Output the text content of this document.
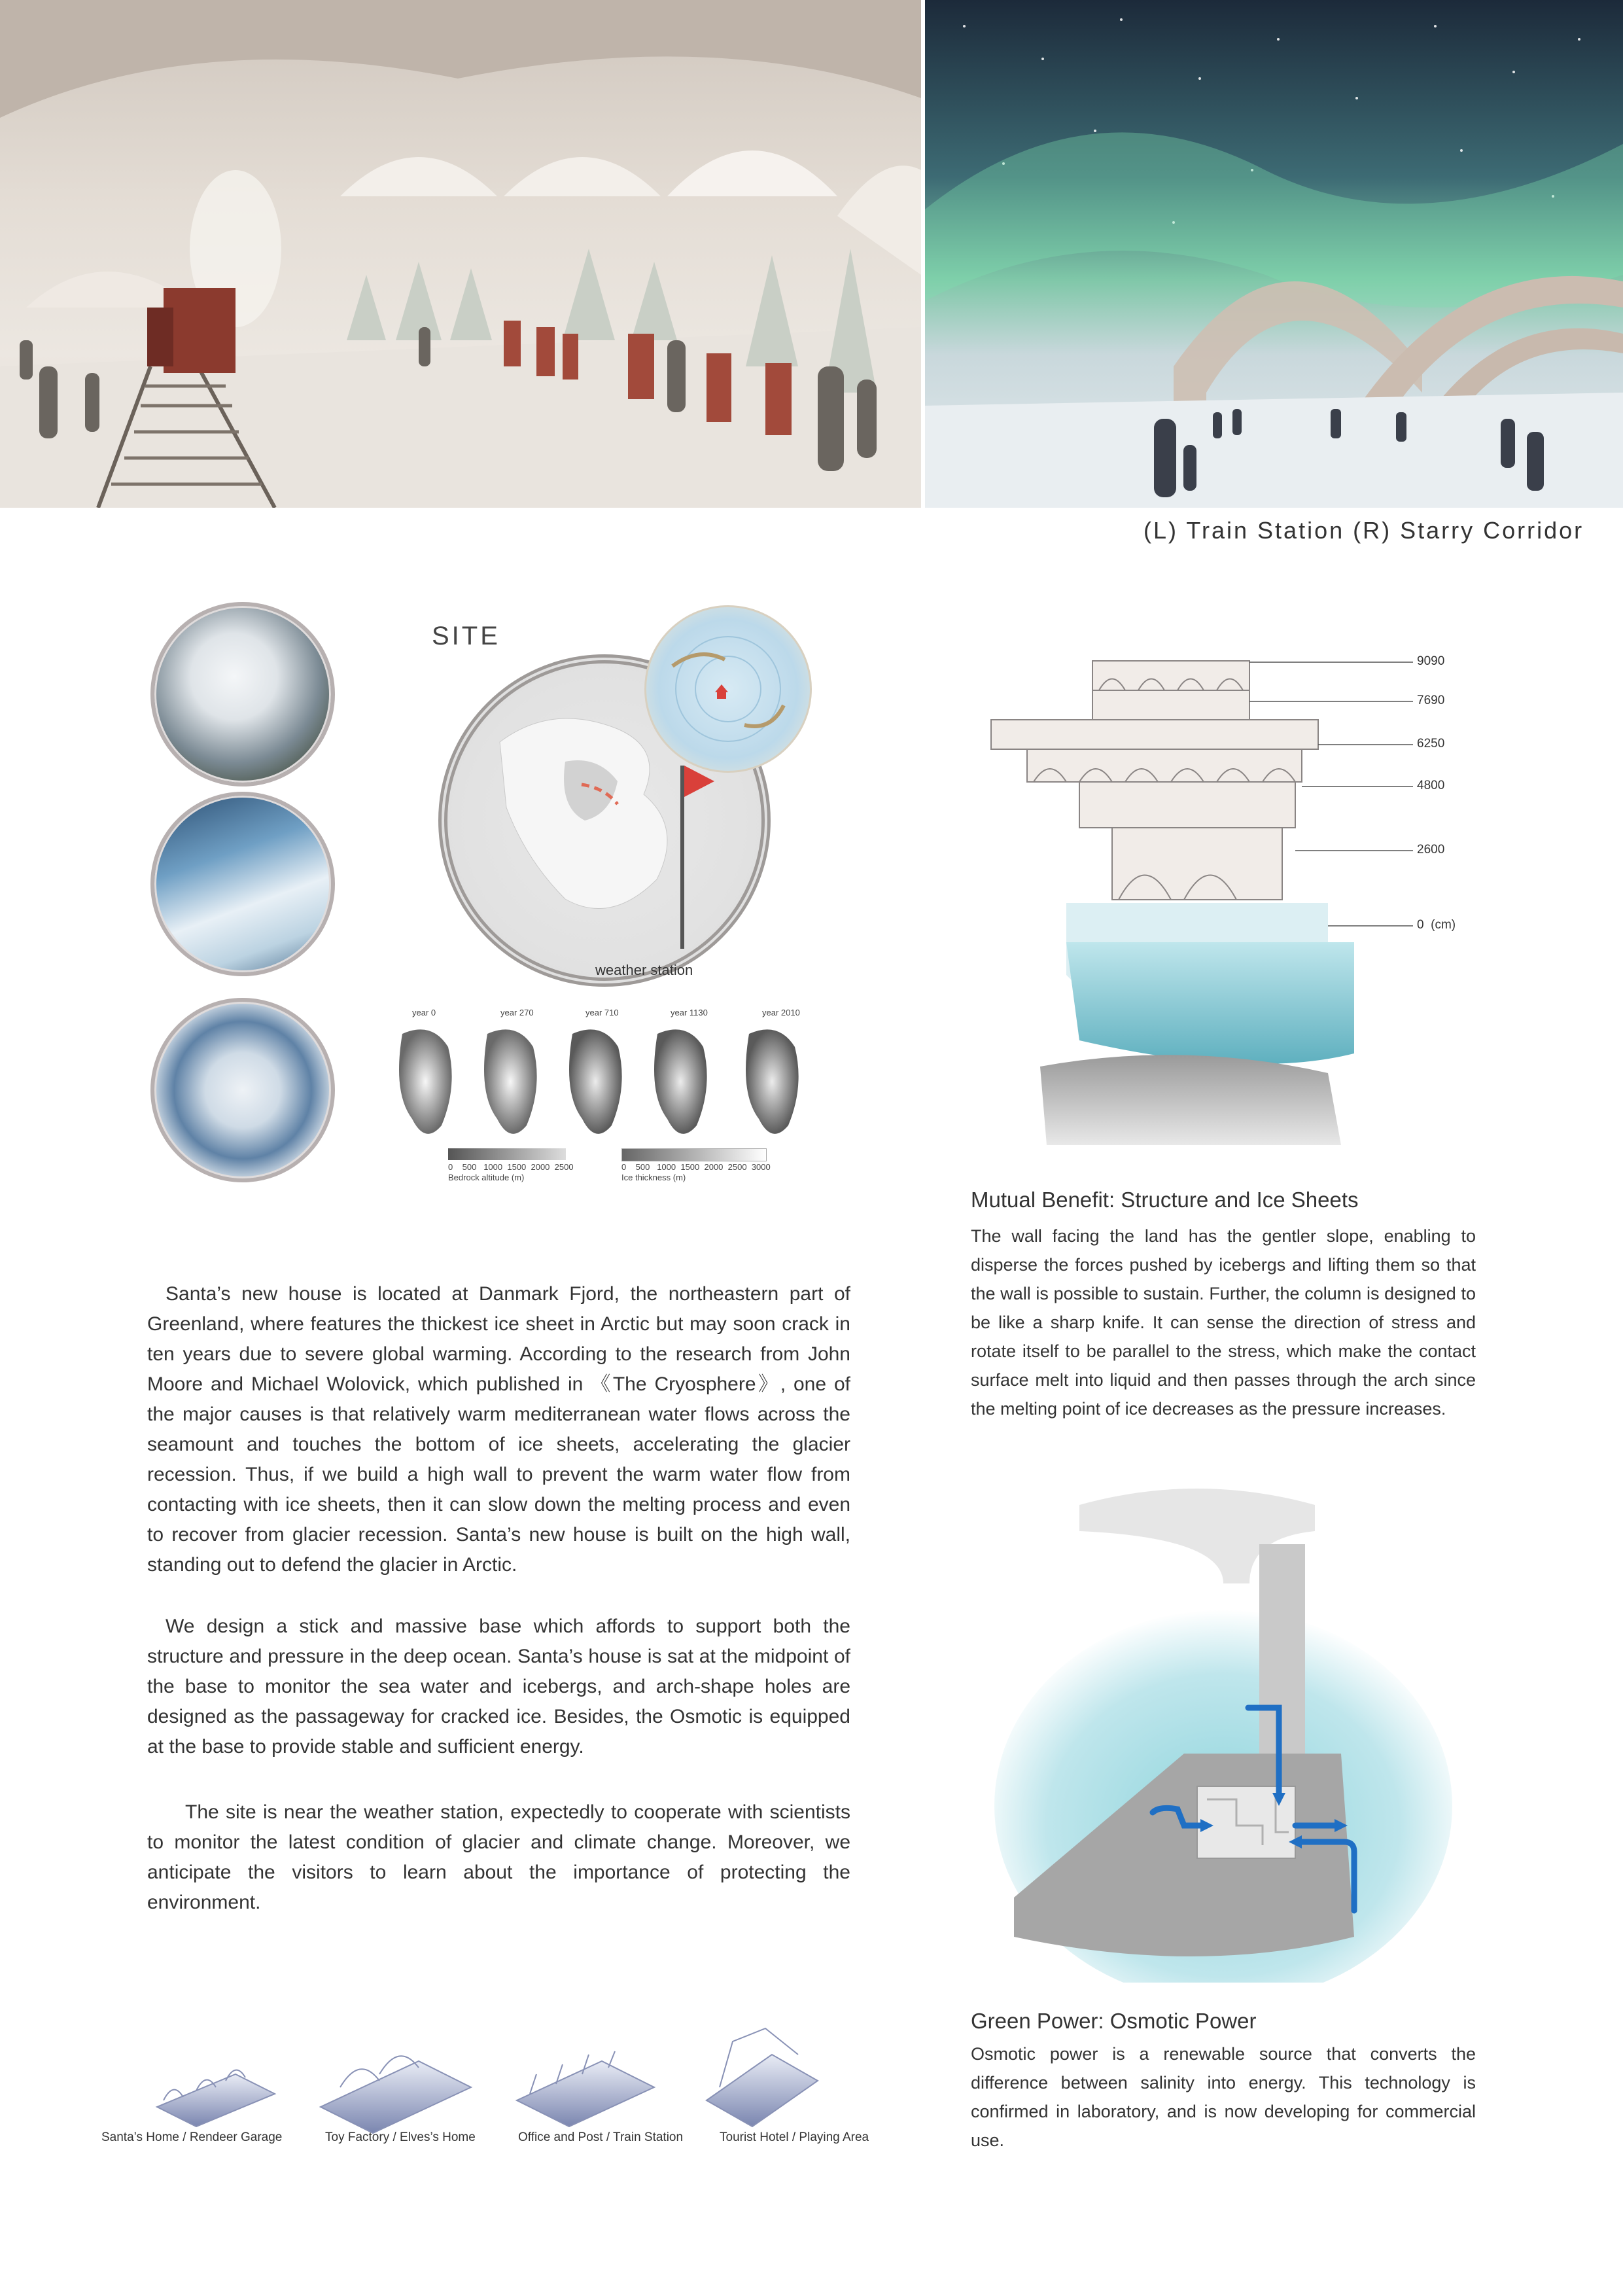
(L) Train Station (R) Starry Corridor
SITE
weather station
year 0	year 270	year 710	year 1130	year 2010
0    500   1000  1500  2000  2500
Bedrock altitude (m)
0    500   1000  1500  2000  2500  3000
Ice thickness (m)
Santa’s new house is located at Danmark Fjord, the northeastern part of Greenland, where features the thickest ice sheet in Arctic but may soon crack in ten years due to severe global warming. According to the research from John Moore and Michael Wolovick, which published in 《The Cryosphere》, one of the major causes is that relatively warm mediterranean water flows across the seamount and touches the bottom of ice sheets, accelerating the glacier recession. Thus, if we build a high wall to prevent the warm water flow from contacting with ice sheets, then it can slow down the melting process and even to recover from glacier recession. Santa’s new house is built on the high wall, standing out to defend the glacier in Arctic.
We design a stick and massive base which affords to support both the structure and pressure in the deep ocean. Santa’s house is sat at the midpoint of the base to monitor the sea water and icebergs, and arch-shape holes are designed as the passageway for cracked ice. Besides, the Osmotic is equipped at the base to provide stable and sufficient energy.
The site is near the weather station, expectedly to cooperate with scientists to monitor the latest condition of glacier and climate change. Moreover, we anticipate the visitors to learn about the importance of protecting the environment.
Santa’s Home / Rendeer Garage	Toy Factory / Elves’s Home	Office and Post / Train Station	Tourist Hotel / Playing Area
9090
7690
6250
4800
2600
0  (cm)
Mutual Benefit: Structure and Ice Sheets
The wall facing the land has the gentler slope, enabling to disperse the forces pushed by icebergs and lifting them so that the wall is possible to sustain. Further, the column is designed to be like a sharp knife. It can sense the direction of stress and rotate itself to be parallel to the stress, which make the contact surface melt into liquid and then passes through the arch since the melting point of ice decreases as the pressure increases.
Green Power: Osmotic Power
Osmotic power is a renewable source that converts the difference between salinity into energy. This technology is confirmed in laboratory, and is now developing for commercial use.
